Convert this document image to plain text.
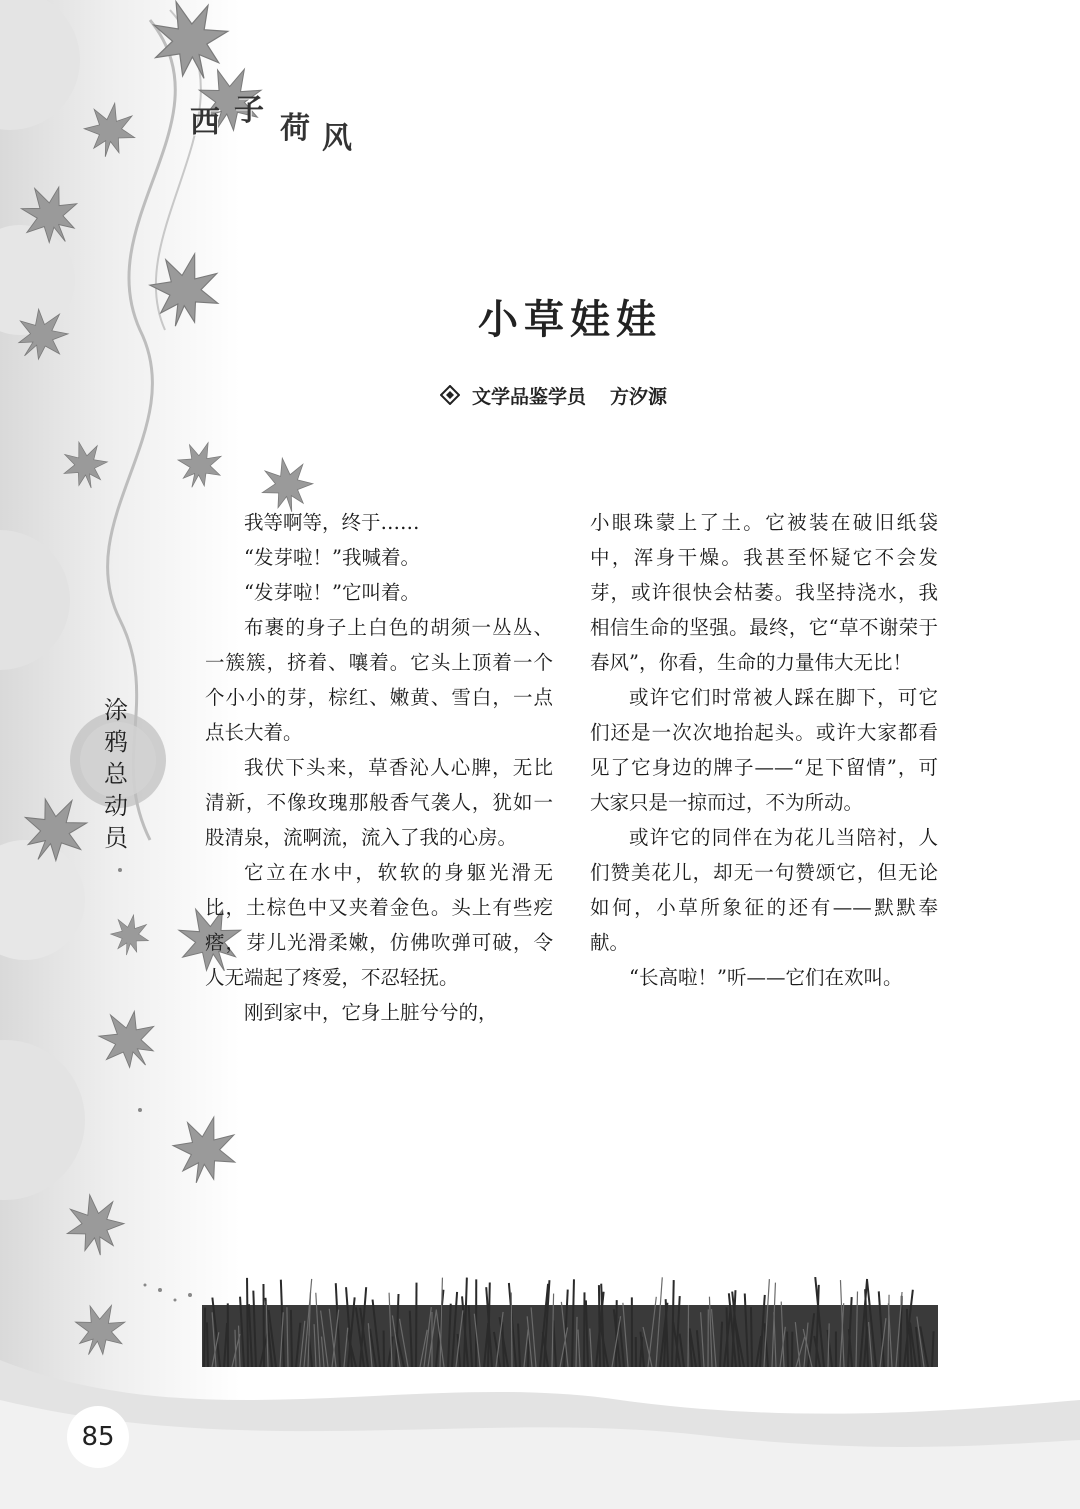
西 子
荷 风
小草娃娃
文学品鉴学员 方汐源
涂
鸦
总
动
员

我等啊等，终于……

“发芽啦！”我喊着。

“发芽啦！”它叫着。

布裹的身子上白色的胡须一丛丛、一簇簇，挤着、嚷着。它头上顶着一个个小小的芽，棕红、嫩黄、雪白，一点点长大着。

我伏下头来，草香沁人心脾，无比清新，不像玫瑰那般香气袭人，犹如一股清泉，流啊流，流入了我的心房。

它立在水中，软软的身躯光滑无比，土棕色中又夹着金色。头上有些疙瘩，芽儿光滑柔嫩，仿佛吹弹可破，令人无端起了疼爱，不忍轻抚。

刚到家中，它身上脏兮兮的，

小眼珠蒙上了土。它被装在破旧纸袋中，浑身干燥。我甚至怀疑它不会发芽，或许很快会枯萎。我坚持浇水，我相信生命的坚强。最终，它“草不谢荣于春风”，你看，生命的力量伟大无比！

或许它们时常被人踩在脚下，可它们还是一次次地抬起头。或许大家都看见了它身边的牌子——“足下留情”，可大家只是一掠而过，不为所动。

或许它的同伴在为花儿当陪衬，人们赞美花儿，却无一句赞颂它，但无论如何，小草所象征的还有——默默奉献。

“长高啦！”听——它们在欢叫。

85
